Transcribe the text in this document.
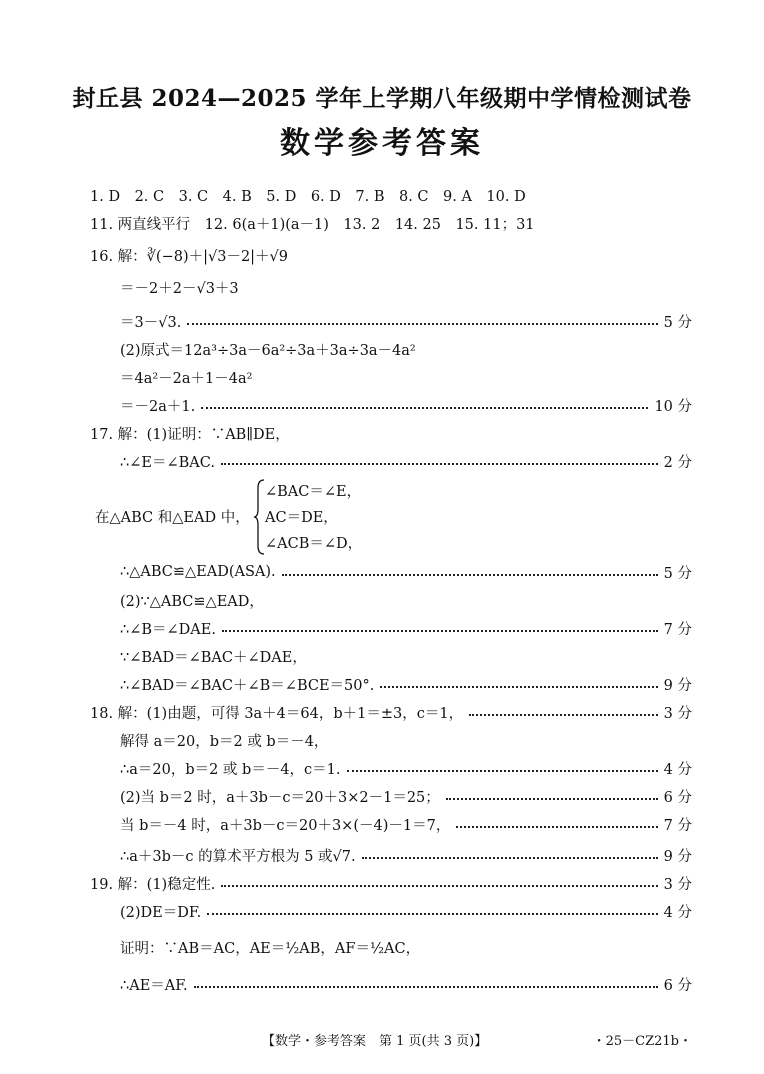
封丘县 2024—2025 学年上学期八年级期中学情检测试卷
数学参考答案
1. D　2. C　3. C　4. B　5. D　6. D　7. B　8. C　9. A　10. D
11. 两直线平行　12. 6(a＋1)(a－1)　13. 2　14. 25　15. 11；31
16. 解：∛(−8)＋|√3－2|＋√9
＝－2＋2－√3＋3
＝3－√3.	5 分
(2)原式＝12a³÷3a－6a²÷3a＋3a÷3a－4a²
＝4a²－2a＋1－4a²
＝－2a＋1.	10 分
17. 解：(1)证明：∵AB∥DE，
∴∠E＝∠BAC.	2 分
在△ABC 和△EAD 中，
∠BAC＝∠E，
AC＝DE，
∠ACB＝∠D，
∴△ABC≌△EAD(ASA).	5 分
(2)∵△ABC≌△EAD，
∴∠B＝∠DAE.	7 分
∵∠BAD＝∠BAC＋∠DAE，
∴∠BAD＝∠BAC＋∠B＝∠BCE＝50°.	9 分
18. 解：(1)由题，可得 3a＋4＝64，b＋1＝±3，c＝1，	3 分
解得 a＝20，b＝2 或 b＝－4，
∴a＝20，b＝2 或 b＝－4，c＝1.	4 分
(2)当 b＝2 时，a＋3b－c＝20＋3×2－1＝25；	6 分
当 b＝－4 时，a＋3b－c＝20＋3×(－4)－1＝7，	7 分
∴a＋3b－c 的算术平方根为 5 或√7.	9 分
19. 解：(1)稳定性.	3 分
(2)DE＝DF.	4 分
证明：∵AB＝AC，AE＝½AB，AF＝½AC，
∴AE＝AF.	6 分
【数学・参考答案　第 1 页(共 3 页)】	・25－CZ21b・
